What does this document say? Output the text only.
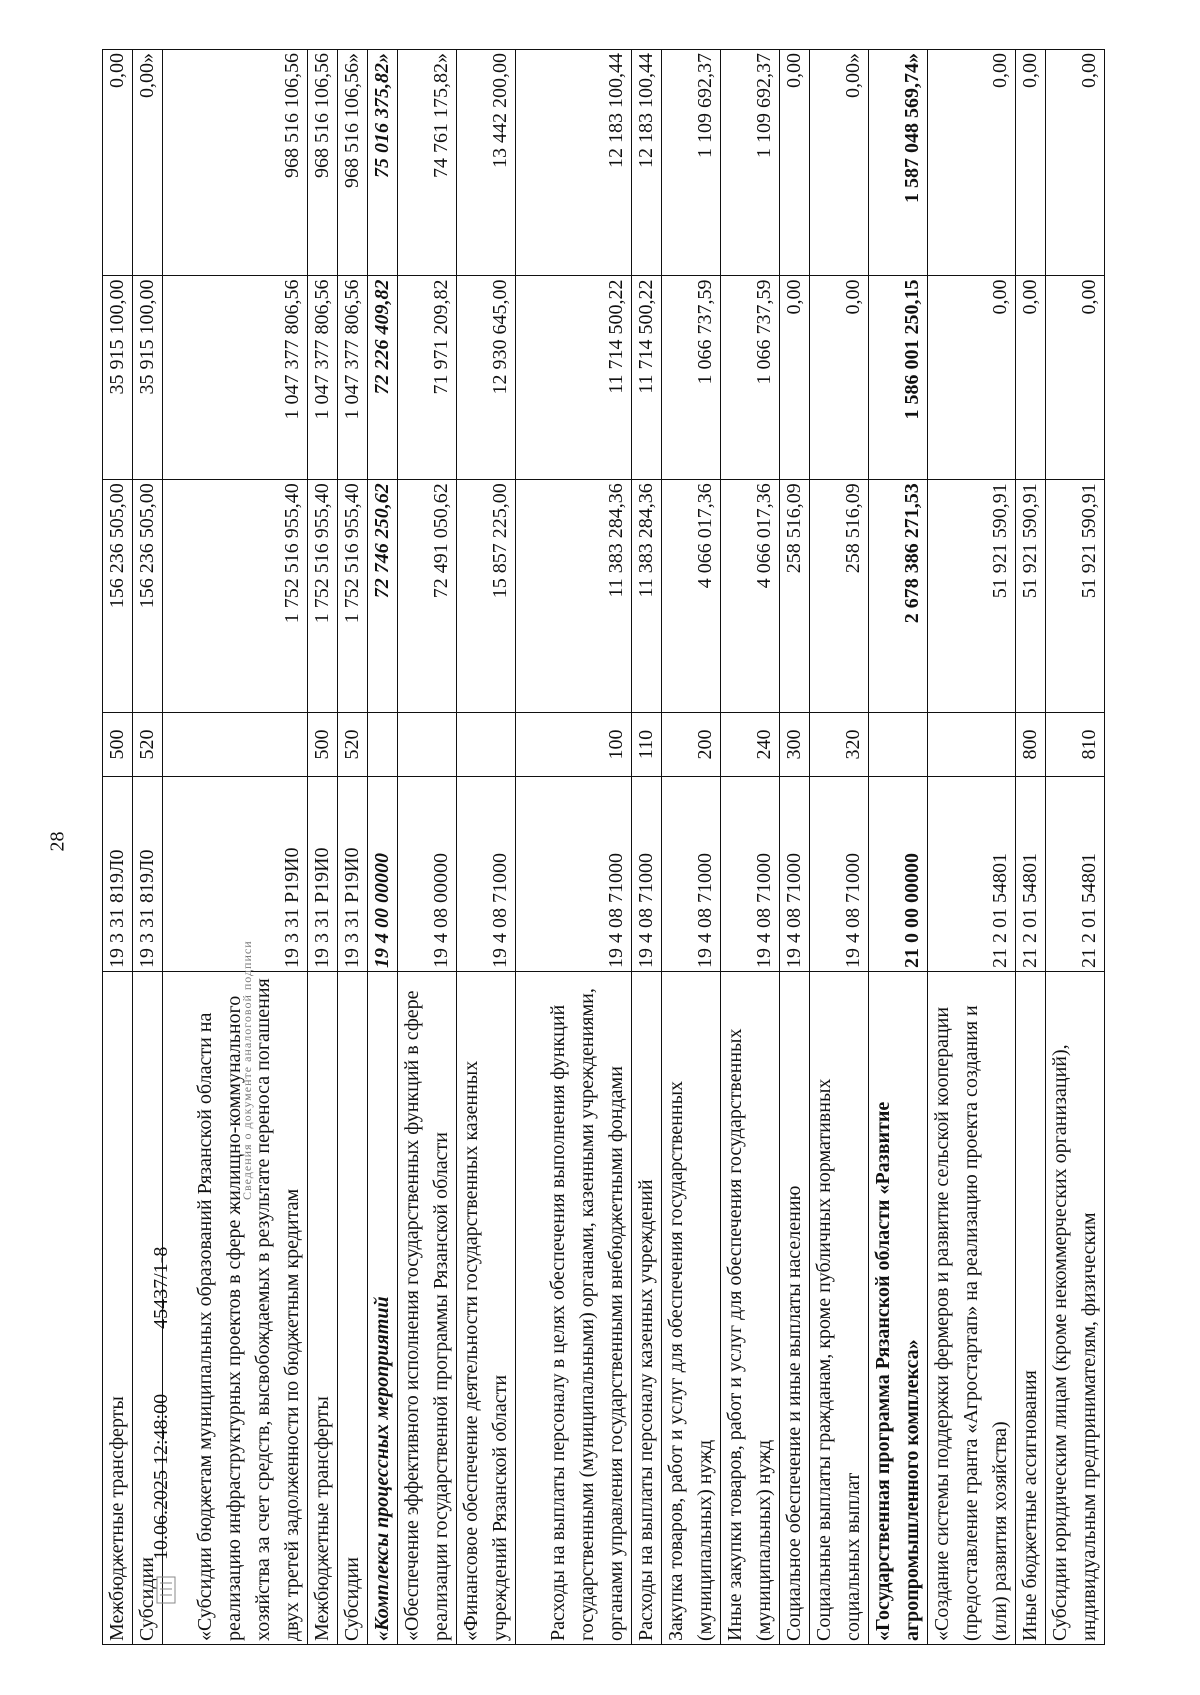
28
Межбюджетные трансферты	19 3 31 819Л0	500	156 236 505,00	35 915 100,00	0,00
Субсидии	19 3 31 819Л0	520	156 236 505,00	35 915 100,00	0,00»
«Субсидии бюджетам муниципальных образований Рязанской области на реализацию инфраструктурных проектов в сфере жилищно-коммунального хозяйства за счет средств, высвобождаемых в результате переноса погашения двух третей задолженности по бюджетным кредитам	19 3 31 Р19И0		1 752 516 955,40	1 047 377 806,56	968 516 106,56
Межбюджетные трансферты	19 3 31 Р19И0	500	1 752 516 955,40	1 047 377 806,56	968 516 106,56
Субсидии	19 3 31 Р19И0	520	1 752 516 955,40	1 047 377 806,56	968 516 106,56»
«Комплексы процессных мероприятий	19 4 00 00000		72 746 250,62	72 226 409,82	75 016 375,82»
«Обеспечение эффективного исполнения государственных функций в сфере реализации государственной программы Рязанской области	19 4 08 00000		72 491 050,62	71 971 209,82	74 761 175,82»
«Финансовое обеспечение деятельности государственных казенных учреждений Рязанской области	19 4 08 71000		15 857 225,00	12 930 645,00	13 442 200,00
Расходы на выплаты персоналу в целях обеспечения выполнения функций государственными (муниципальными) органами, казенными учреждениями, органами управления государственными внебюджетными фондами	19 4 08 71000	100	11 383 284,36	11 714 500,22	12 183 100,44
Расходы на выплаты персоналу казенных учреждений	19 4 08 71000	110	11 383 284,36	11 714 500,22	12 183 100,44
Закупка товаров, работ и услуг для обеспечения государственных (муниципальных) нужд	19 4 08 71000	200	4 066 017,36	1 066 737,59	1 109 692,37
Иные закупки товаров, работ и услуг для обеспечения государственных (муниципальных) нужд	19 4 08 71000	240	4 066 017,36	1 066 737,59	1 109 692,37
Социальное обеспечение и иные выплаты населению	19 4 08 71000	300	258 516,09	0,00	0,00
Социальные выплаты гражданам, кроме публичных нормативных социальных выплат	19 4 08 71000	320	258 516,09	0,00	0,00»
«Государственная программа Рязанской области «Развитие агропромышленного комплекса»	21 0 00 00000		2 678 386 271,53	1 586 001 250,15	1 587 048 569,74»
«Создание системы поддержки фермеров и развитие сельской кооперации (предоставление гранта «Агростартап» на реализацию проекта создания и (или) развития хозяйства)	21 2 01 54801		51 921 590,91	0,00	0,00
Иные бюджетные ассигнования	21 2 01 54801	800	51 921 590,91	0,00	0,00
Субсидии юридическим лицам (кроме некоммерческих организаций), индивидуальным предпринимателям, физическим	21 2 01 54801	810	51 921 590,91	0,00	0,00
10.06.2025 12:48:00 45437/1-8
Сведения о документе аналоговой подписи
